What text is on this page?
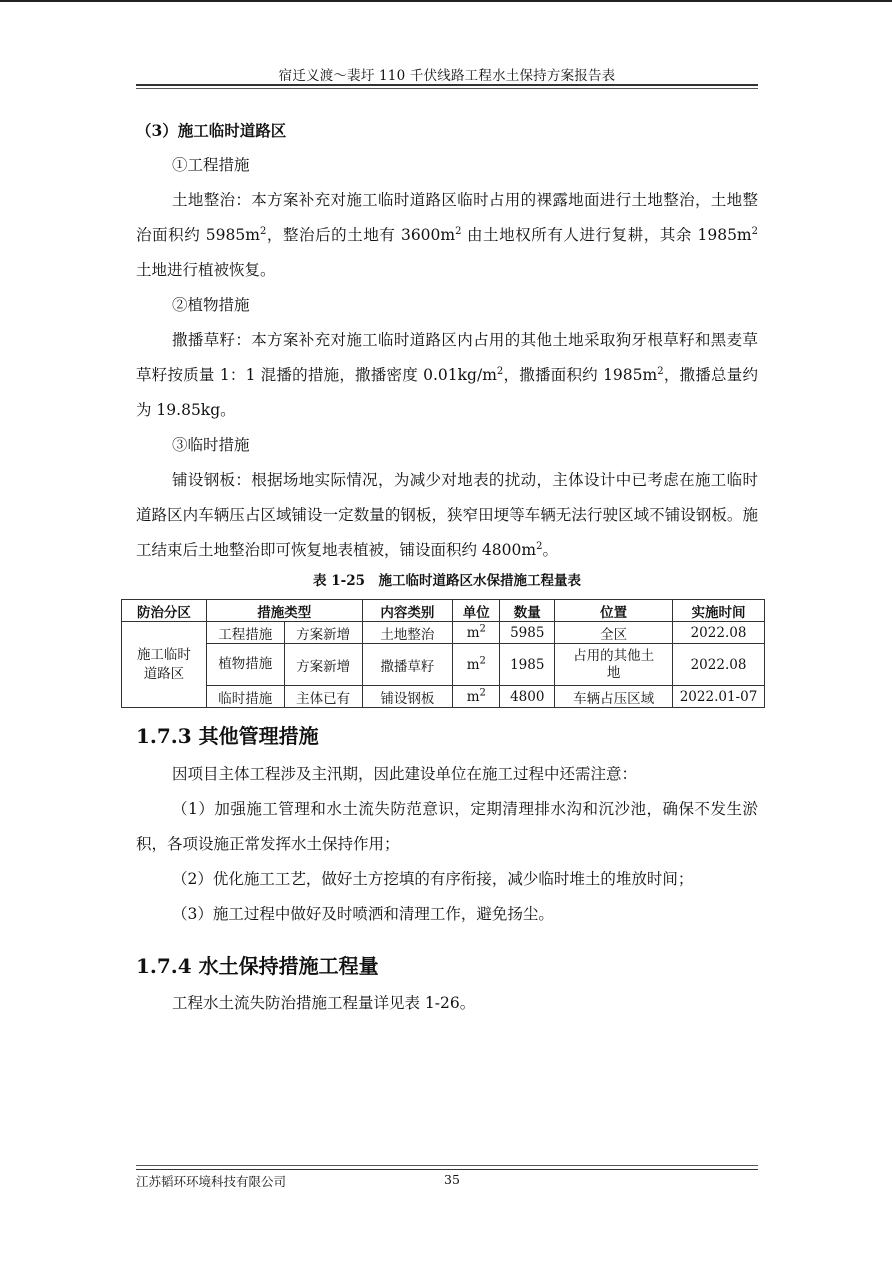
宿迁义渡～裴圩 110 千伏线路工程水土保持方案报告表

（3）施工临时道路区

①工程措施

土地整治：本方案补充对施工临时道路区临时占用的裸露地面进行土地整治，土地整治面积约 $5985m^2$，整治后的土地有 $3600m^2$ 由土地权所有人进行复耕，其余 $1985m^2$ 土地进行植被恢复。

②植物措施

撒播草籽：本方案补充对施工临时道路区内占用的其他土地采取狗牙根草籽和黑麦草草籽按质量 1：1 混播的措施，撒播密度 $0.01kg/m^2$，撒播面积约 $1985m^2$，撒播总量约为 19.85kg。

③临时措施

铺设钢板：根据场地实际情况，为减少对地表的扰动，主体设计中已考虑在施工临时道路区内车辆压占区域铺设一定数量的钢板，狭窄田埂等车辆无法行驶区域不铺设钢板。施工结束后土地整治即可恢复地表植被，铺设面积约 $4800m^2$。

表 1-25　施工临时道路区水保措施工程量表
防治分区	措施类型		内容类别	单位	数量	位置	实施时间
施工临时道路区	工程措施	方案新增	土地整治	$m^2$	5985	全区	2022.08
	植物措施	方案新增	撒播草籽	$m^2$	1985	占用的其他土地	2022.08
	临时措施	主体已有	铺设钢板	$m^2$	4800	车辆占压区域	2022.01-07

1.7.3 其他管理措施

因项目主体工程涉及主汛期，因此建设单位在施工过程中还需注意：

（1）加强施工管理和水土流失防范意识，定期清理排水沟和沉沙池，确保不发生淤积，各项设施正常发挥水土保持作用；

（2）优化施工工艺，做好土方挖填的有序衔接，减少临时堆土的堆放时间；

（3）施工过程中做好及时喷洒和清理工作，避免扬尘。

1.7.4 水土保持措施工程量

工程水土流失防治措施工程量详见表 1-26。

江苏韬环环境科技有限公司	35
